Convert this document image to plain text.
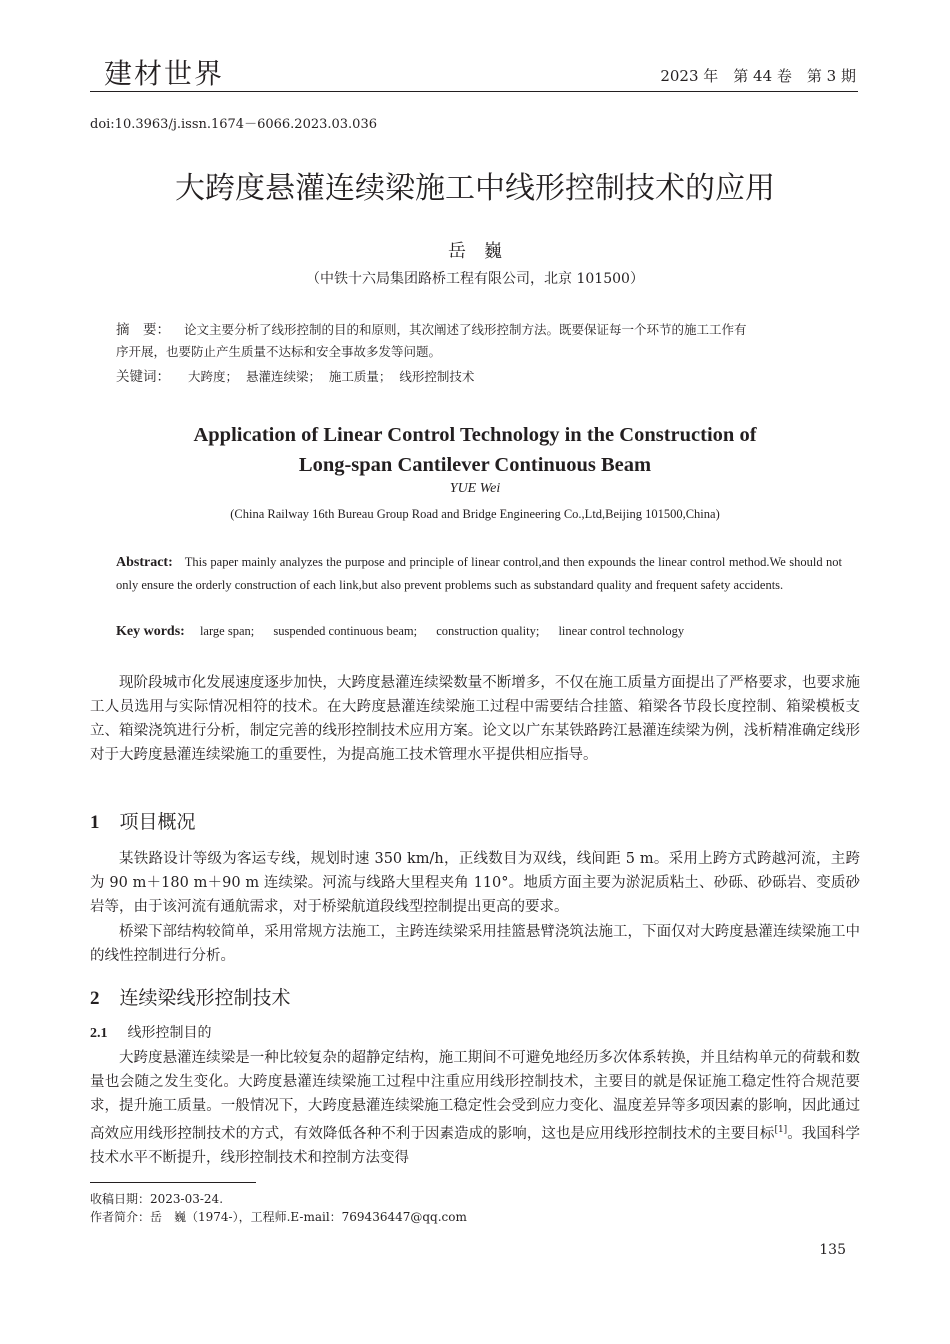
建材世界	2023 年　第 44 卷　第 3 期
doi:10.3963/j.issn.1674－6066.2023.03.036
大跨度悬灌连续梁施工中线形控制技术的应用
岳　巍
（中铁十六局集团路桥工程有限公司，北京 101500）
摘　要： 论文主要分析了线形控制的目的和原则，其次阐述了线形控制方法。既要保证每一个环节的施工工作有
序开展，也要防止产生质量不达标和安全事故多发等问题。
关键词： 大跨度； 悬灌连续梁； 施工质量； 线形控制技术
Application of Linear Control Technology in the Construction of
Long-span Cantilever Continuous Beam
YUE Wei
(China Railway 16th Bureau Group Road and Bridge Engineering Co.,Ltd,Beijing 101500,China)
Abstract: This paper mainly analyzes the purpose and principle of linear control,and then expounds the linear control method.We should not only ensure the orderly construction of each link,but also prevent problems such as substandard quality and frequent safety accidents.
Key words: large span; suspended continuous beam; construction quality; linear control technology
现阶段城市化发展速度逐步加快，大跨度悬灌连续梁数量不断增多，不仅在施工质量方面提出了严格要求，也要求施工人员选用与实际情况相符的技术。在大跨度悬灌连续梁施工过程中需要结合挂篮、箱梁各节段长度控制、箱梁模板支立、箱梁浇筑进行分析，制定完善的线形控制技术应用方案。论文以广东某铁路跨江悬灌连续梁为例，浅析精准确定线形对于大跨度悬灌连续梁施工的重要性，为提高施工技术管理水平提供相应指导。
1 项目概况
某铁路设计等级为客运专线，规划时速 350 km/h，正线数目为双线，线间距 5 m。采用上跨方式跨越河流，主跨为 90 m＋180 m＋90 m 连续梁。河流与线路大里程夹角 110°。地质方面主要为淤泥质粘土、砂砾、砂砾岩、变质砂岩等，由于该河流有通航需求，对于桥梁航道段线型控制提出更高的要求。
桥梁下部结构较简单，采用常规方法施工，主跨连续梁采用挂篮悬臂浇筑法施工，下面仅对大跨度悬灌连续梁施工中的线性控制进行分析。
2 连续梁线形控制技术
2.1 线形控制目的
大跨度悬灌连续梁是一种比较复杂的超静定结构，施工期间不可避免地经历多次体系转换，并且结构单元的荷载和数量也会随之发生变化。大跨度悬灌连续梁施工过程中注重应用线形控制技术，主要目的就是保证施工稳定性符合规范要求，提升施工质量。一般情况下，大跨度悬灌连续梁施工稳定性会受到应力变化、温度差异等多项因素的影响，因此通过高效应用线形控制技术的方式，有效降低各种不利于因素造成的影响，这也是应用线形控制技术的主要目标[1]。我国科学技术水平不断提升，线形控制技术和控制方法变得
收稿日期：2023-03-24.
作者简介：岳　巍（1974-），工程师.E-mail：769436447@qq.com
135
